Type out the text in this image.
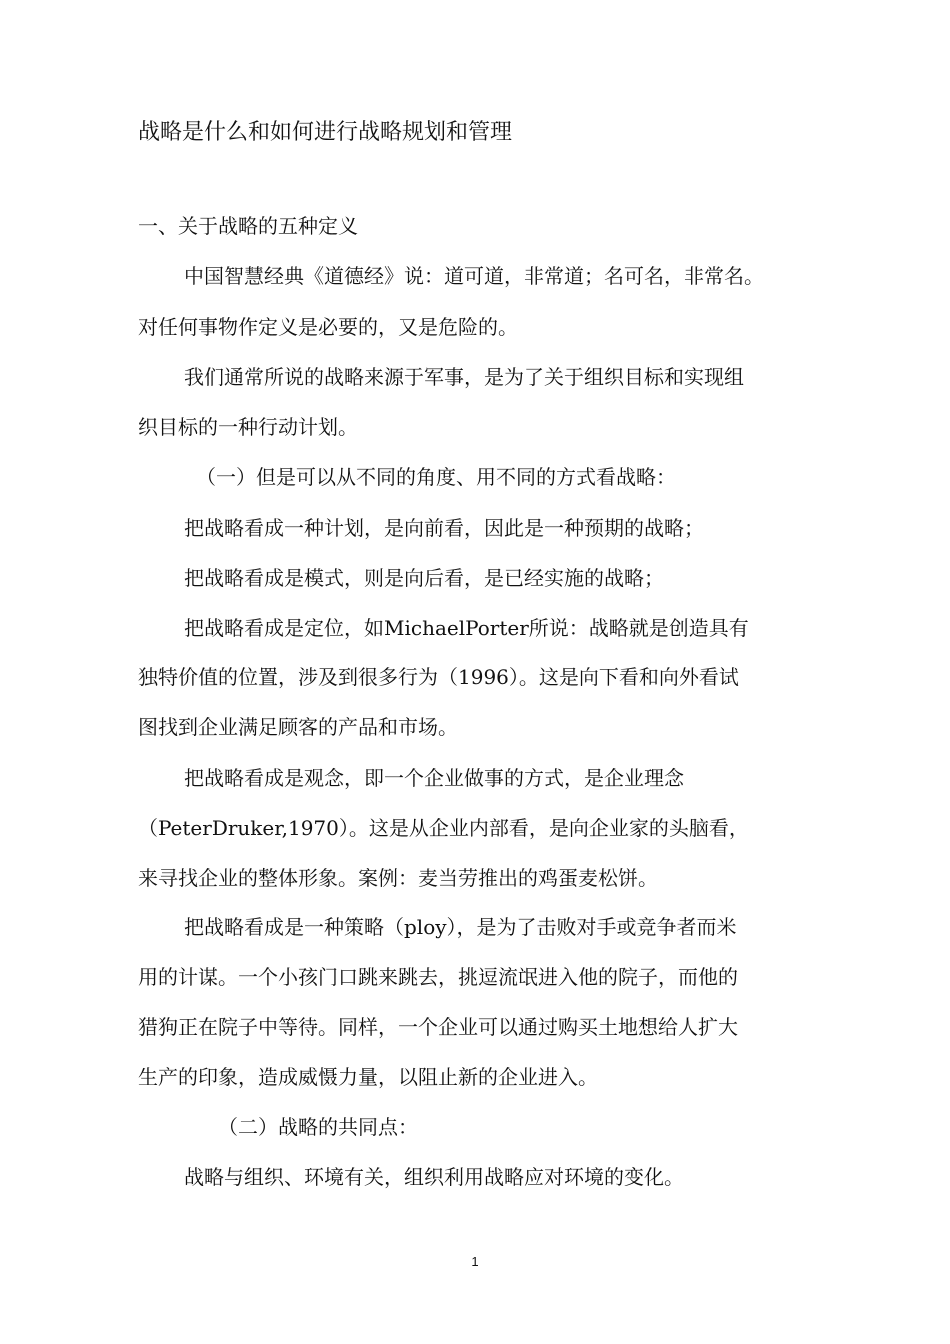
战略是什么和如何进行战略规划和管理
一、关于战略的五种定义
中国智慧经典《道德经》说：道可道，非常道；名可名，非常名。
对任何事物作定义是必要的，又是危险的。
我们通常所说的战略来源于军事，是为了关于组织目标和实现组
织目标的一种行动计划。
（一）但是可以从不同的角度、用不同的方式看战略：
把战略看成一种计划，是向前看，因此是一种预期的战略；
把战略看成是模式，则是向后看，是已经实施的战略；
把战略看成是定位，如MichaelPorter所说：战略就是创造具有
独特价值的位置，涉及到很多行为（1996）。这是向下看和向外看试
图找到企业满足顾客的产品和市场。
把战略看成是观念，即一个企业做事的方式，是企业理念
（PeterDruker,1970）。这是从企业内部看，是向企业家的头脑看，
来寻找企业的整体形象。案例：麦当劳推出的鸡蛋麦松饼。
把战略看成是一种策略（ploy），是为了击败对手或竞争者而米
用的计谋。一个小孩门口跳来跳去，挑逗流氓进入他的院子，而他的
猎狗正在院子中等待。同样，一个企业可以通过购买土地想给人扩大
生产的印象，造成威慑力量，以阻止新的企业进入。
（二）战略的共同点：
战略与组织、环境有关，组织利用战略应对环境的变化。
1
